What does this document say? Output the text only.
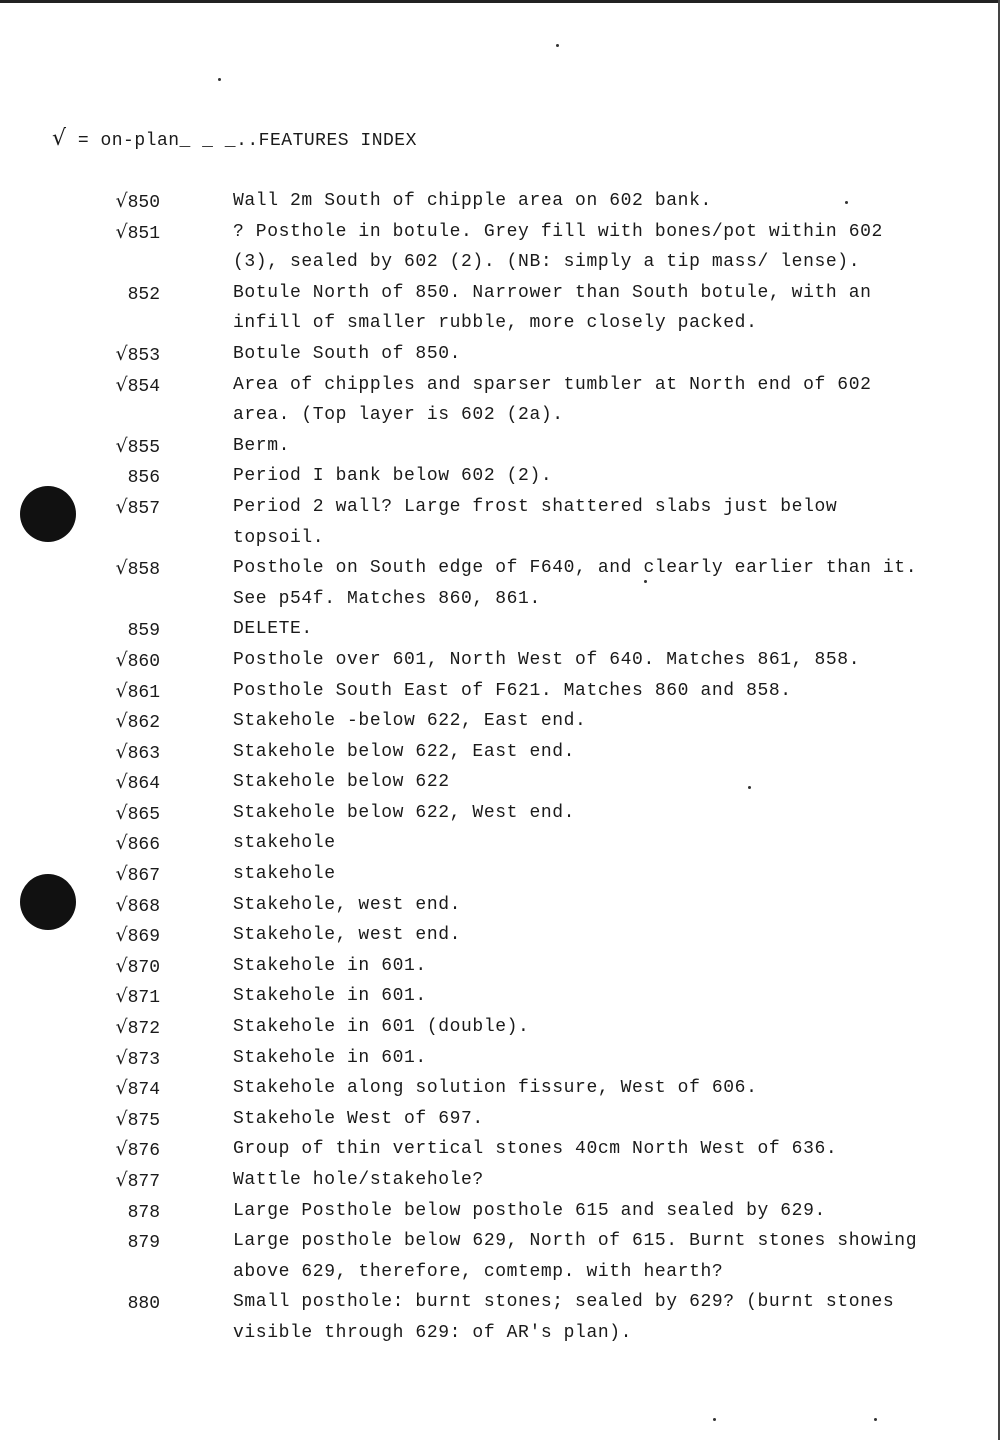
√ = on-plan_ _ _..FEATURES INDEX
√850	Wall 2m South of chipple area on 602 bank.
√851	? Posthole in botule. Grey fill with bones/pot within 602 (3), sealed by 602 (2). (NB: simply a tip mass/ lense).
852	Botule North of 850. Narrower than South botule, with an infill of smaller rubble, more closely packed.
√853	Botule South of 850.
√854	Area of chipples and sparser tumbler at North end of 602 area. (Top layer is 602 (2a).
√855	Berm.
856	Period I bank below 602 (2).
√857	Period 2 wall? Large frost shattered slabs just below topsoil.
√858	Posthole on South edge of F640, and clearly earlier than it. See p54f. Matches 860, 861.
859	DELETE.
√860	Posthole over 601, North West of 640. Matches 861, 858.
√861	Posthole South East of F621. Matches 860 and 858.
√862	Stakehole -below 622, East end.
√863	Stakehole below 622, East end.
√864	Stakehole below 622
√865	Stakehole below 622, West end.
√866	stakehole
√867	stakehole
√868	Stakehole, west end.
√869	Stakehole, west end.
√870	Stakehole in 601.
√871	Stakehole in 601.
√872	Stakehole in 601 (double).
√873	Stakehole in 601.
√874	Stakehole along solution fissure, West of 606.
√875	Stakehole West of 697.
√876	Group of thin vertical stones 40cm North West of 636.
√877	Wattle hole/stakehole?
878	Large Posthole below posthole 615 and sealed by 629.
879	Large posthole below 629, North of 615. Burnt stones showing above 629, therefore, comtemp. with hearth?
880	Small posthole: burnt stones; sealed by 629? (burnt stones visible through 629: of AR's plan).
